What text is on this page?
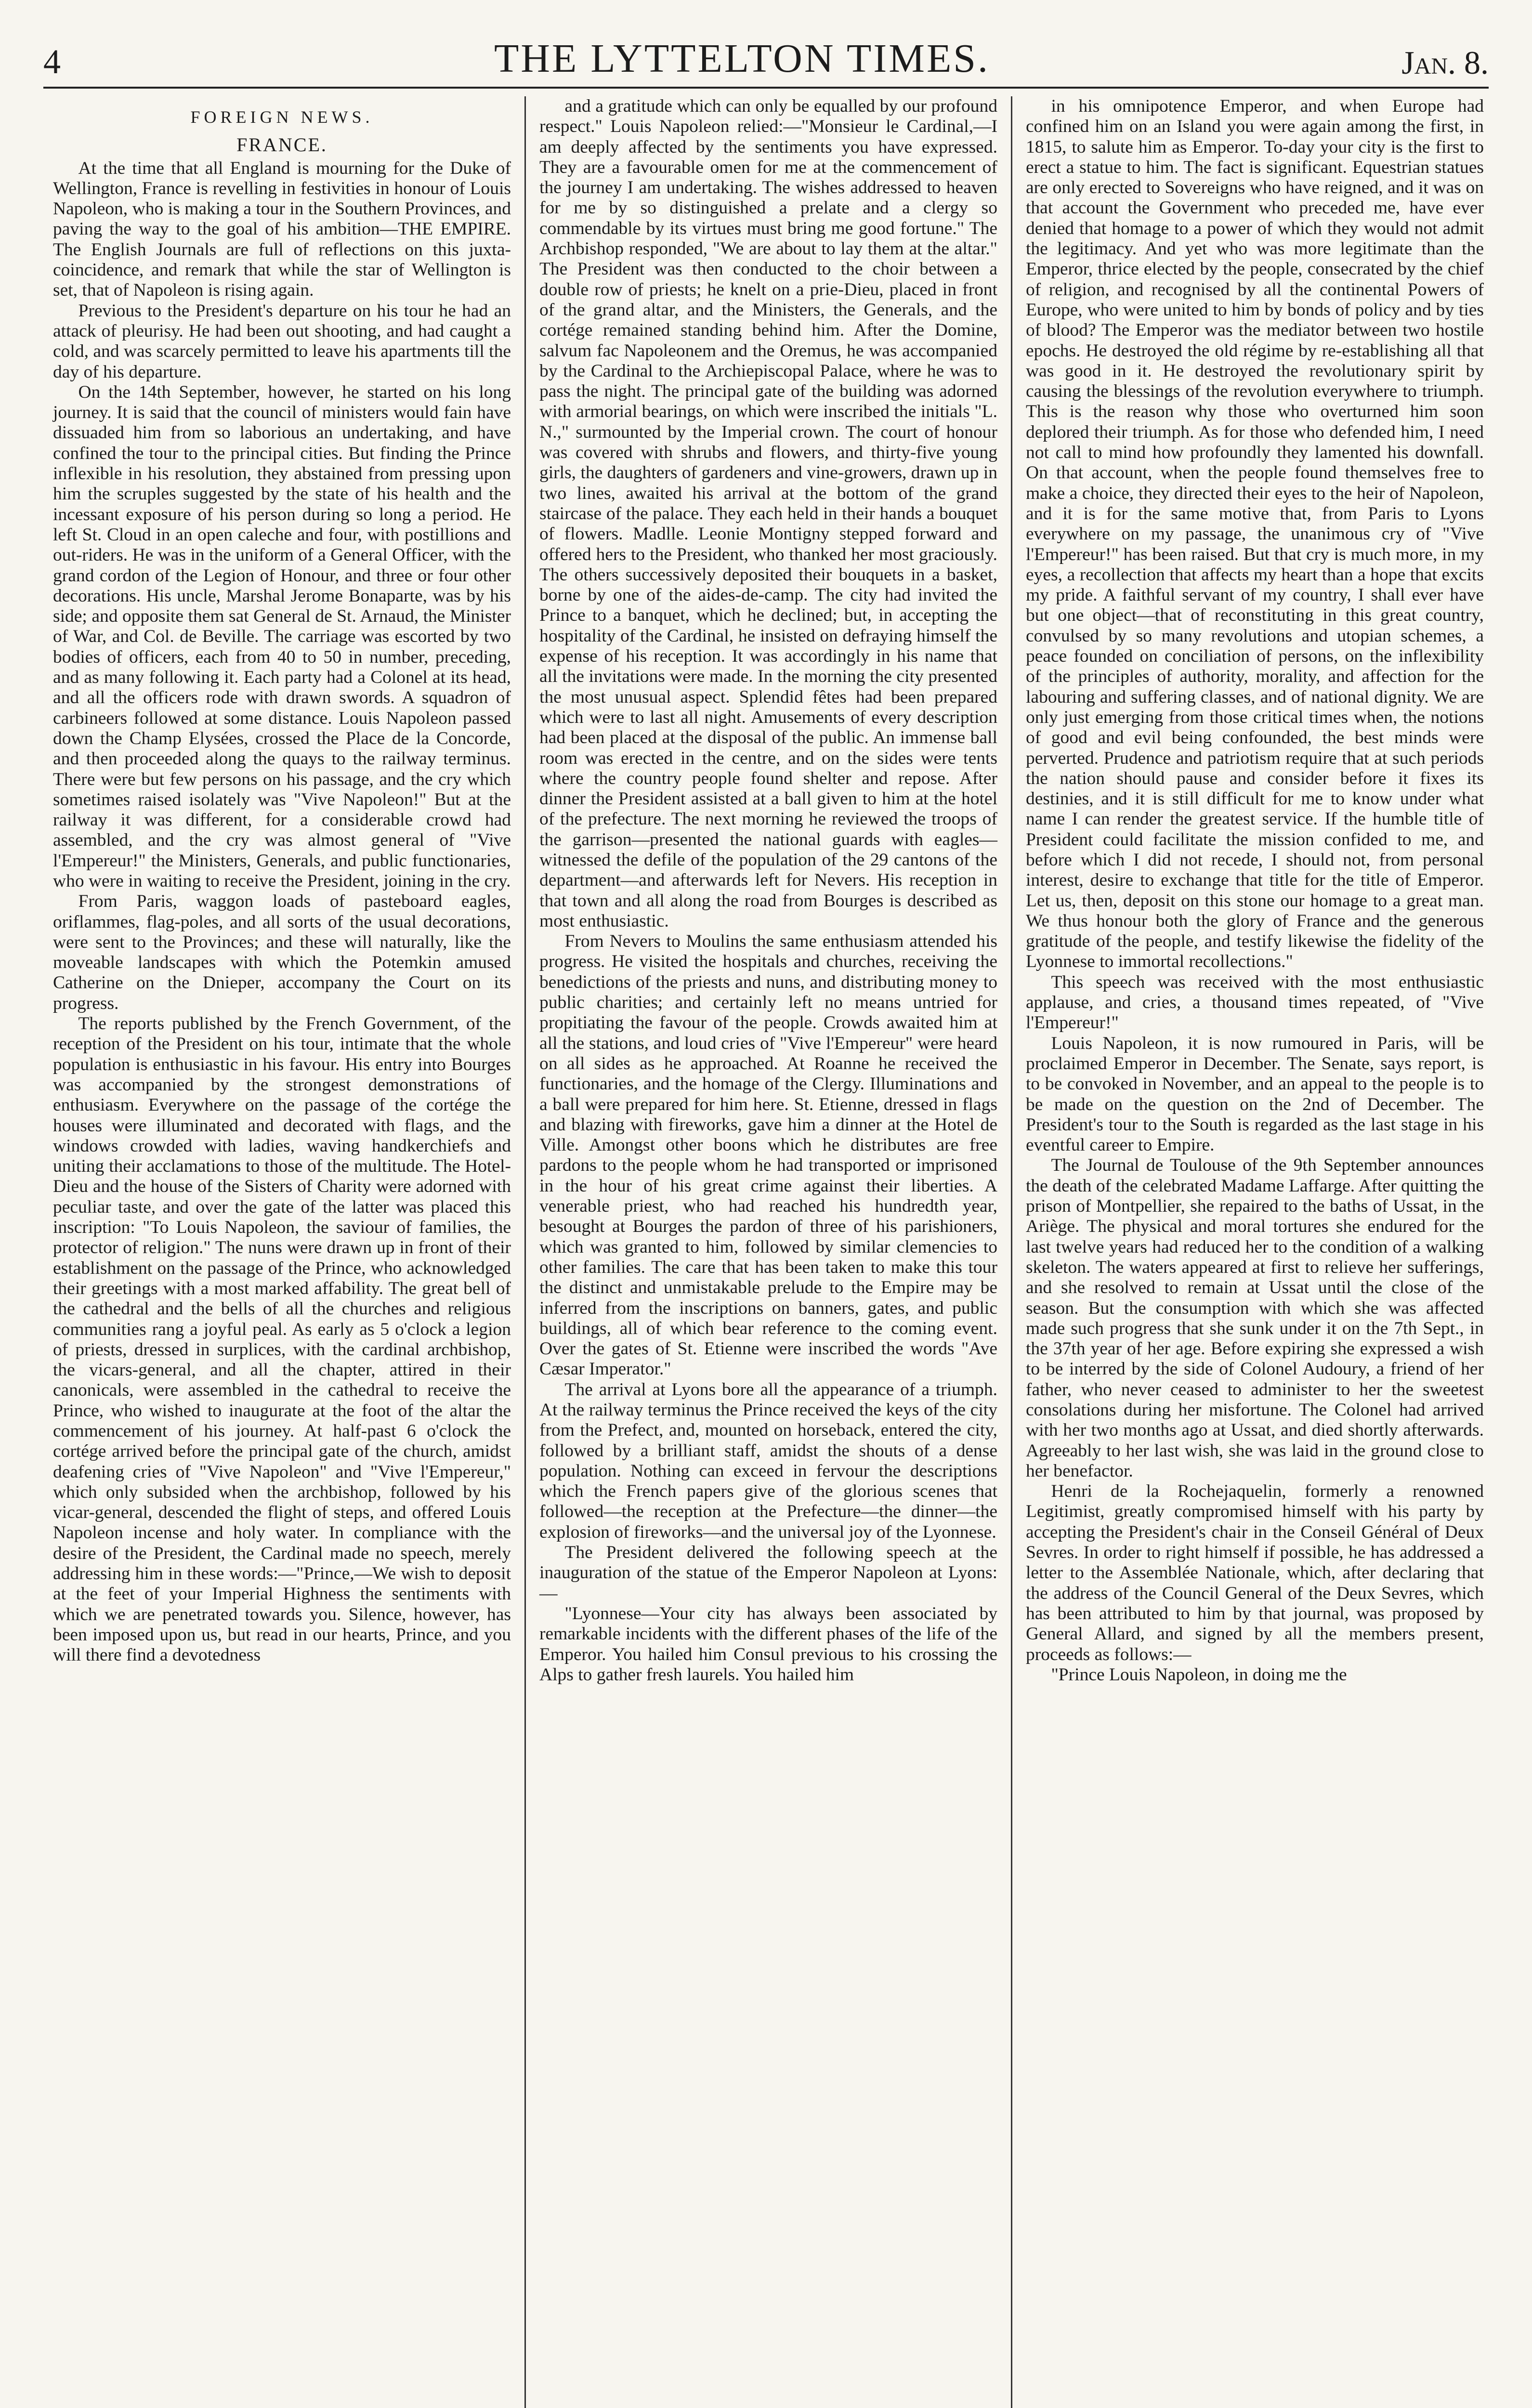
4	THE LYTTELTON TIMES.	Jan. 8.
FOREIGN NEWS.
FRANCE.

At the time that all England is mourning for the Duke of Wellington, France is revelling in festivities in honour of Louis Napoleon, who is making a tour in the Southern Provinces, and paving the way to the goal of his ambition—THE EMPIRE. The English Journals are full of reflections on this juxta-coincidence, and remark that while the star of Wellington is set, that of Napoleon is rising again.

Previous to the President's departure on his tour he had an attack of pleurisy. He had been out shooting, and had caught a cold, and was scarcely permitted to leave his apartments till the day of his departure.

On the 14th September, however, he started on his long journey. It is said that the council of ministers would fain have dissuaded him from so laborious an undertaking, and have confined the tour to the principal cities. But finding the Prince inflexible in his resolution, they abstained from pressing upon him the scruples suggested by the state of his health and the incessant exposure of his person during so long a period. He left St. Cloud in an open caleche and four, with postillions and out-riders. He was in the uniform of a General Officer, with the grand cordon of the Legion of Honour, and three or four other decorations. His uncle, Marshal Jerome Bonaparte, was by his side; and opposite them sat General de St. Arnaud, the Minister of War, and Col. de Beville. The carriage was escorted by two bodies of officers, each from 40 to 50 in number, preceding, and as many following it. Each party had a Colonel at its head, and all the officers rode with drawn swords. A squadron of carbineers followed at some distance. Louis Napoleon passed down the Champ Elysées, crossed the Place de la Concorde, and then proceeded along the quays to the railway terminus. There were but few persons on his passage, and the cry which sometimes raised isolately was "Vive Napoleon!" But at the railway it was different, for a considerable crowd had assembled, and the cry was almost general of "Vive l'Empereur!" the Ministers, Generals, and public functionaries, who were in waiting to receive the President, joining in the cry.

From Paris, waggon loads of pasteboard eagles, oriflammes, flag-poles, and all sorts of the usual decorations, were sent to the Provinces; and these will naturally, like the moveable landscapes with which the Potemkin amused Catherine on the Dnieper, accompany the Court on its progress.

The reports published by the French Government, of the reception of the President on his tour, intimate that the whole population is enthusiastic in his favour. His entry into Bourges was accompanied by the strongest demonstrations of enthusiasm. Everywhere on the passage of the cortége the houses were illuminated and decorated with flags, and the windows crowded with ladies, waving handkerchiefs and uniting their acclamations to those of the multitude. The Hotel-Dieu and the house of the Sisters of Charity were adorned with peculiar taste, and over the gate of the latter was placed this inscription: "To Louis Napoleon, the saviour of families, the protector of religion." The nuns were drawn up in front of their establishment on the passage of the Prince, who acknowledged their greetings with a most marked affability. The great bell of the cathedral and the bells of all the churches and religious communities rang a joyful peal. As early as 5 o'clock a legion of priests, dressed in surplices, with the cardinal archbishop, the vicars-general, and all the chapter, attired in their canonicals, were assembled in the cathedral to receive the Prince, who wished to inaugurate at the foot of the altar the commencement of his journey. At half-past 6 o'clock the cortége arrived before the principal gate of the church, amidst deafening cries of "Vive Napoleon" and "Vive l'Empereur," which only subsided when the archbishop, followed by his vicar-general, descended the flight of steps, and offered Louis Napoleon incense and holy water. In compliance with the desire of the President, the Cardinal made no speech, merely addressing him in these words:—"Prince,—We wish to deposit at the feet of your Imperial Highness the sentiments with which we are penetrated towards you. Silence, however, has been imposed upon us, but read in our hearts, Prince, and you will there find a devotedness

and a gratitude which can only be equalled by our profound respect." Louis Napoleon relied:—"Monsieur le Cardinal,—I am deeply affected by the sentiments you have expressed. They are a favourable omen for me at the commencement of the journey I am undertaking. The wishes addressed to heaven for me by so distinguished a prelate and a clergy so commendable by its virtues must bring me good fortune." The Archbishop responded, "We are about to lay them at the altar." The President was then conducted to the choir between a double row of priests; he knelt on a prie-Dieu, placed in front of the grand altar, and the Ministers, the Generals, and the cortége remained standing behind him. After the Domine, salvum fac Napoleonem and the Oremus, he was accompanied by the Cardinal to the Archiepiscopal Palace, where he was to pass the night. The principal gate of the building was adorned with armorial bearings, on which were inscribed the initials "L. N.," surmounted by the Imperial crown. The court of honour was covered with shrubs and flowers, and thirty-five young girls, the daughters of gardeners and vine-growers, drawn up in two lines, awaited his arrival at the bottom of the grand staircase of the palace. They each held in their hands a bouquet of flowers. Madlle. Leonie Montigny stepped forward and offered hers to the President, who thanked her most graciously. The others successively deposited their bouquets in a basket, borne by one of the aides-de-camp. The city had invited the Prince to a banquet, which he declined; but, in accepting the hospitality of the Cardinal, he insisted on defraying himself the expense of his reception. It was accordingly in his name that all the invitations were made. In the morning the city presented the most unusual aspect. Splendid fêtes had been prepared which were to last all night. Amusements of every description had been placed at the disposal of the public. An immense ball room was erected in the centre, and on the sides were tents where the country people found shelter and repose. After dinner the President assisted at a ball given to him at the hotel of the prefecture. The next morning he reviewed the troops of the garrison—presented the national guards with eagles—witnessed the defile of the population of the 29 cantons of the department—and afterwards left for Nevers. His reception in that town and all along the road from Bourges is described as most enthusiastic.

From Nevers to Moulins the same enthusiasm attended his progress. He visited the hospitals and churches, receiving the benedictions of the priests and nuns, and distributing money to public charities; and certainly left no means untried for propitiating the favour of the people. Crowds awaited him at all the stations, and loud cries of "Vive l'Empereur" were heard on all sides as he approached. At Roanne he received the functionaries, and the homage of the Clergy. Illuminations and a ball were prepared for him here. St. Etienne, dressed in flags and blazing with fireworks, gave him a dinner at the Hotel de Ville. Amongst other boons which he distributes are free pardons to the people whom he had transported or imprisoned in the hour of his great crime against their liberties. A venerable priest, who had reached his hundredth year, besought at Bourges the pardon of three of his parishioners, which was granted to him, followed by similar clemencies to other families. The care that has been taken to make this tour the distinct and unmistakable prelude to the Empire may be inferred from the inscriptions on banners, gates, and public buildings, all of which bear reference to the coming event. Over the gates of St. Etienne were inscribed the words "Ave Cæsar Imperator."

The arrival at Lyons bore all the appearance of a triumph. At the railway terminus the Prince received the keys of the city from the Prefect, and, mounted on horseback, entered the city, followed by a brilliant staff, amidst the shouts of a dense population. Nothing can exceed in fervour the descriptions which the French papers give of the glorious scenes that followed—the reception at the Prefecture—the dinner—the explosion of fireworks—and the universal joy of the Lyonnese.

The President delivered the following speech at the inauguration of the statue of the Emperor Napoleon at Lyons:—

"Lyonnese—Your city has always been associated by remarkable incidents with the different phases of the life of the Emperor. You hailed him Consul previous to his crossing the Alps to gather fresh laurels. You hailed him

in his omnipotence Emperor, and when Europe had confined him on an Island you were again among the first, in 1815, to salute him as Emperor. To-day your city is the first to erect a statue to him. The fact is significant. Equestrian statues are only erected to Sovereigns who have reigned, and it was on that account the Government who preceded me, have ever denied that homage to a power of which they would not admit the legitimacy. And yet who was more legitimate than the Emperor, thrice elected by the people, consecrated by the chief of religion, and recognised by all the continental Powers of Europe, who were united to him by bonds of policy and by ties of blood? The Emperor was the mediator between two hostile epochs. He destroyed the old régime by re-establishing all that was good in it. He destroyed the revolutionary spirit by causing the blessings of the revolution everywhere to triumph. This is the reason why those who overturned him soon deplored their triumph. As for those who defended him, I need not call to mind how profoundly they lamented his downfall. On that account, when the people found themselves free to make a choice, they directed their eyes to the heir of Napoleon, and it is for the same motive that, from Paris to Lyons everywhere on my passage, the unanimous cry of "Vive l'Empereur!" has been raised. But that cry is much more, in my eyes, a recollection that affects my heart than a hope that excits my pride. A faithful servant of my country, I shall ever have but one object—that of reconstituting in this great country, convulsed by so many revolutions and utopian schemes, a peace founded on conciliation of persons, on the inflexibility of the principles of authority, morality, and affection for the labouring and suffering classes, and of national dignity. We are only just emerging from those critical times when, the notions of good and evil being confounded, the best minds were perverted. Prudence and patriotism require that at such periods the nation should pause and consider before it fixes its destinies, and it is still difficult for me to know under what name I can render the greatest service. If the humble title of President could facilitate the mission confided to me, and before which I did not recede, I should not, from personal interest, desire to exchange that title for the title of Emperor. Let us, then, deposit on this stone our homage to a great man. We thus honour both the glory of France and the generous gratitude of the people, and testify likewise the fidelity of the Lyonnese to immortal recollections."

This speech was received with the most enthusiastic applause, and cries, a thousand times repeated, of "Vive l'Empereur!"

Louis Napoleon, it is now rumoured in Paris, will be proclaimed Emperor in December. The Senate, says report, is to be convoked in November, and an appeal to the people is to be made on the question on the 2nd of December. The President's tour to the South is regarded as the last stage in his eventful career to Empire.

The Journal de Toulouse of the 9th September announces the death of the celebrated Madame Laffarge. After quitting the prison of Montpellier, she repaired to the baths of Ussat, in the Ariège. The physical and moral tortures she endured for the last twelve years had reduced her to the condition of a walking skeleton. The waters appeared at first to relieve her sufferings, and she resolved to remain at Ussat until the close of the season. But the consumption with which she was affected made such progress that she sunk under it on the 7th Sept., in the 37th year of her age. Before expiring she expressed a wish to be interred by the side of Colonel Audoury, a friend of her father, who never ceased to administer to her the sweetest consolations during her misfortune. The Colonel had arrived with her two months ago at Ussat, and died shortly afterwards. Agreeably to her last wish, she was laid in the ground close to her benefactor.

Henri de la Rochejaquelin, formerly a renowned Legitimist, greatly compromised himself with his party by accepting the President's chair in the Conseil Général of Deux Sevres. In order to right himself if possible, he has addressed a letter to the Assemblée Nationale, which, after declaring that the address of the Council General of the Deux Sevres, which has been attributed to him by that journal, was proposed by General Allard, and signed by all the members present, proceeds as follows:—

"Prince Louis Napoleon, in doing me the
